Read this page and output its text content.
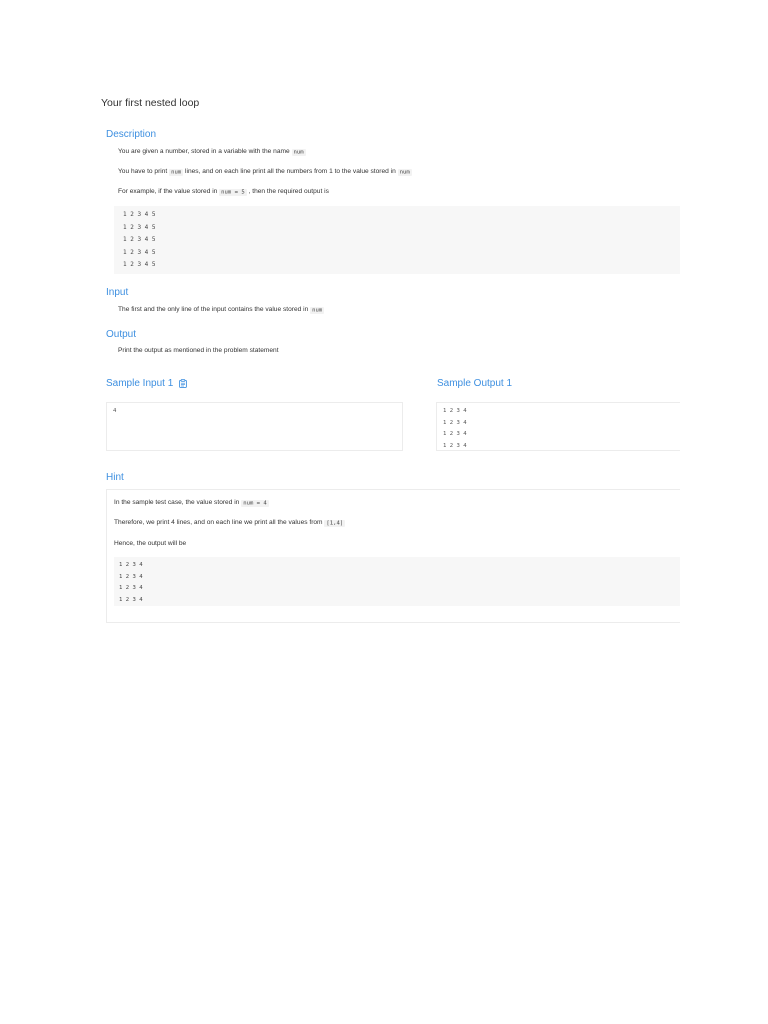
Your first nested loop
Description

You are given a number, stored in a variable with the name num

You have to print num lines, and on each line print all the numbers from 1 to the value stored in num

For example, if the value stored in num = 5 , then the required output is

1 2 3 4 5
1 2 3 4 5
1 2 3 4 5
1 2 3 4 5
1 2 3 4 5
Input

The first and the only line of the input contains the value stored in num

Output

Print the output as mentioned in the problem statement

Sample Input 1
4
Sample Output 1
1 2 3 4
1 2 3 4
1 2 3 4
1 2 3 4
Hint

In the sample test case, the value stored in num = 4

Therefore, we print 4 lines, and on each line we print all the values from [1,4]

Hence, the output will be

1 2 3 4
1 2 3 4
1 2 3 4
1 2 3 4
